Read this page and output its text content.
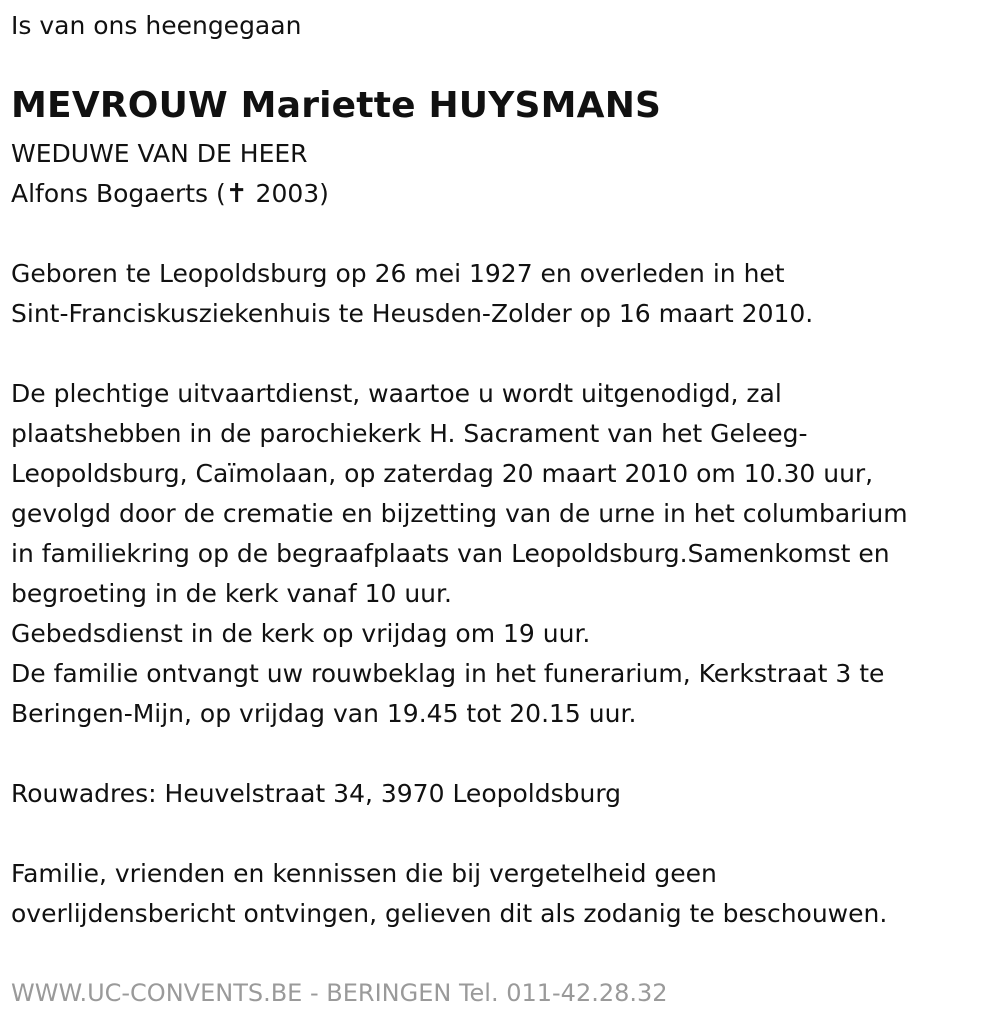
Is van ons heengegaan

MEVROUW Mariette HUYSMANS

WEDUWE VAN DE HEER

Alfons Bogaerts (✝ 2003)

Geboren te Leopoldsburg op 26 mei 1927 en overleden in het

Sint-Franciskusziekenhuis te Heusden-Zolder op 16 maart 2010.

De plechtige uitvaartdienst, waartoe u wordt uitgenodigd, zal

plaatshebben in de parochiekerk H. Sacrament van het Geleeg-

Leopoldsburg, Caïmolaan, op zaterdag 20 maart 2010 om 10.30 uur,

gevolgd door de crematie en bijzetting van de urne in het columbarium

in familiekring op de begraafplaats van Leopoldsburg.Samenkomst en

begroeting in de kerk vanaf 10 uur.

Gebedsdienst in de kerk op vrijdag om 19 uur.

De familie ontvangt uw rouwbeklag in het funerarium, Kerkstraat 3 te

Beringen-Mijn, op vrijdag van 19.45 tot 20.15 uur.

Rouwadres: Heuvelstraat 34, 3970 Leopoldsburg

Familie, vrienden en kennissen die bij vergetelheid geen

overlijdensbericht ontvingen, gelieven dit als zodanig te beschouwen.

WWW.UC-CONVENTS.BE - BERINGEN Tel. 011-42.28.32
